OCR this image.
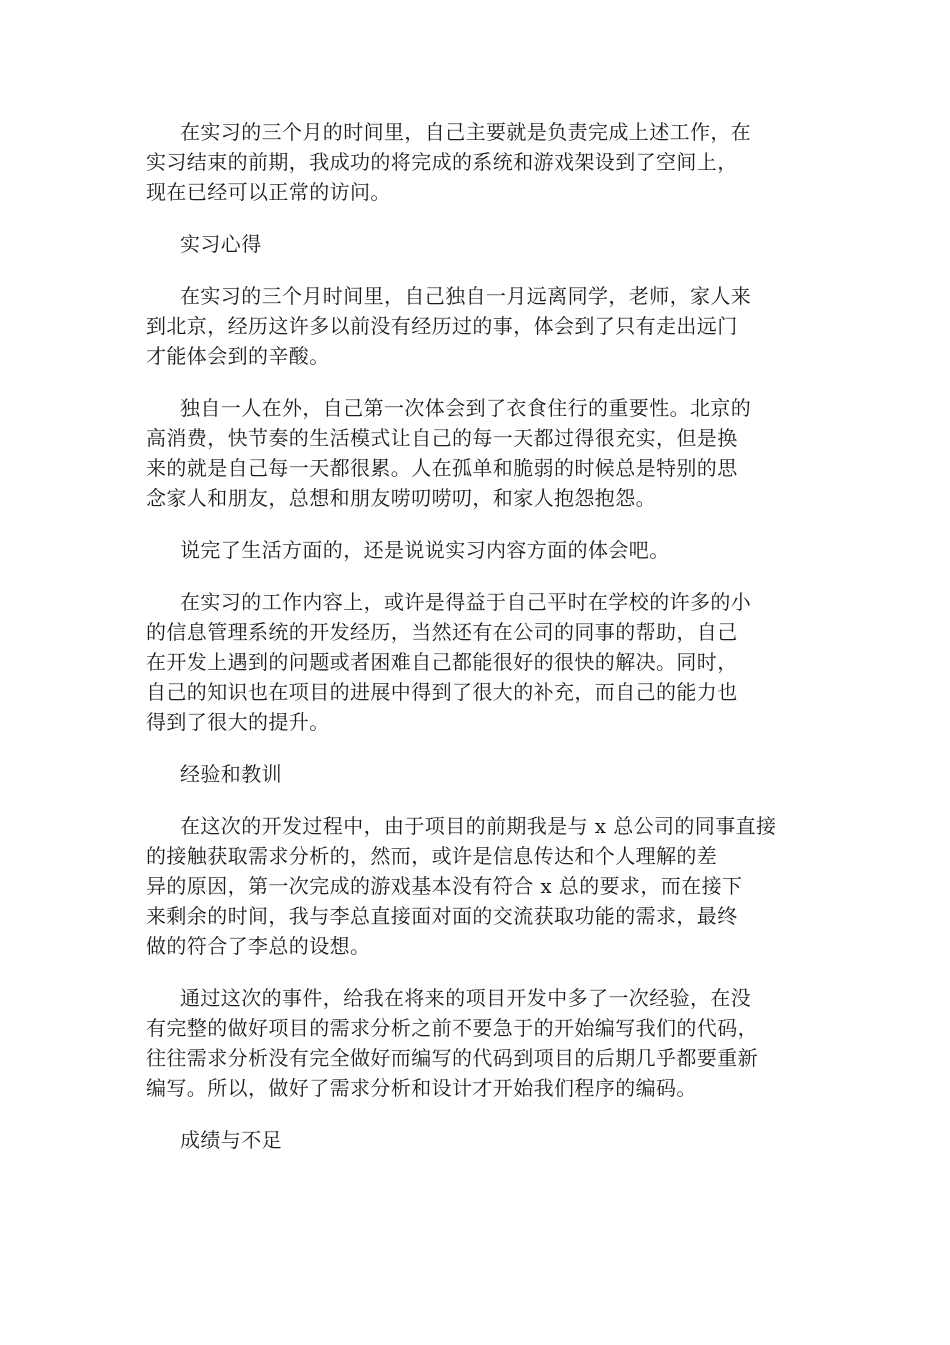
在实习的三个月的时间里，自己主要就是负责完成上述工作，在
实习结束的前期，我成功的将完成的系统和游戏架设到了空间上，
现在已经可以正常的访问。

实习心得

在实习的三个月时间里，自己独自一月远离同学，老师，家人来
到北京，经历这许多以前没有经历过的事，体会到了只有走出远门
才能体会到的辛酸。

独自一人在外，自己第一次体会到了衣食住行的重要性。北京的
高消费，快节奏的生活模式让自己的每一天都过得很充实，但是换
来的就是自己每一天都很累。人在孤单和脆弱的时候总是特别的思
念家人和朋友，总想和朋友唠叨唠叨，和家人抱怨抱怨。

说完了生活方面的，还是说说实习内容方面的体会吧。

在实习的工作内容上，或许是得益于自己平时在学校的许多的小
的信息管理系统的开发经历，当然还有在公司的同事的帮助，自己
在开发上遇到的问题或者困难自己都能很好的很快的解决。同时，
自己的知识也在项目的进展中得到了很大的补充，而自己的能力也
得到了很大的提升。

经验和教训

在这次的开发过程中，由于项目的前期我是与 x 总公司的同事直接
的接触获取需求分析的，然而，或许是信息传达和个人理解的差
异的原因，第一次完成的游戏基本没有符合 x 总的要求，而在接下
来剩余的时间，我与李总直接面对面的交流获取功能的需求，最终
做的符合了李总的设想。

通过这次的事件，给我在将来的项目开发中多了一次经验，在没
有完整的做好项目的需求分析之前不要急于的开始编写我们的代码，
往往需求分析没有完全做好而编写的代码到项目的后期几乎都要重新
编写。所以，做好了需求分析和设计才开始我们程序的编码。

成绩与不足
